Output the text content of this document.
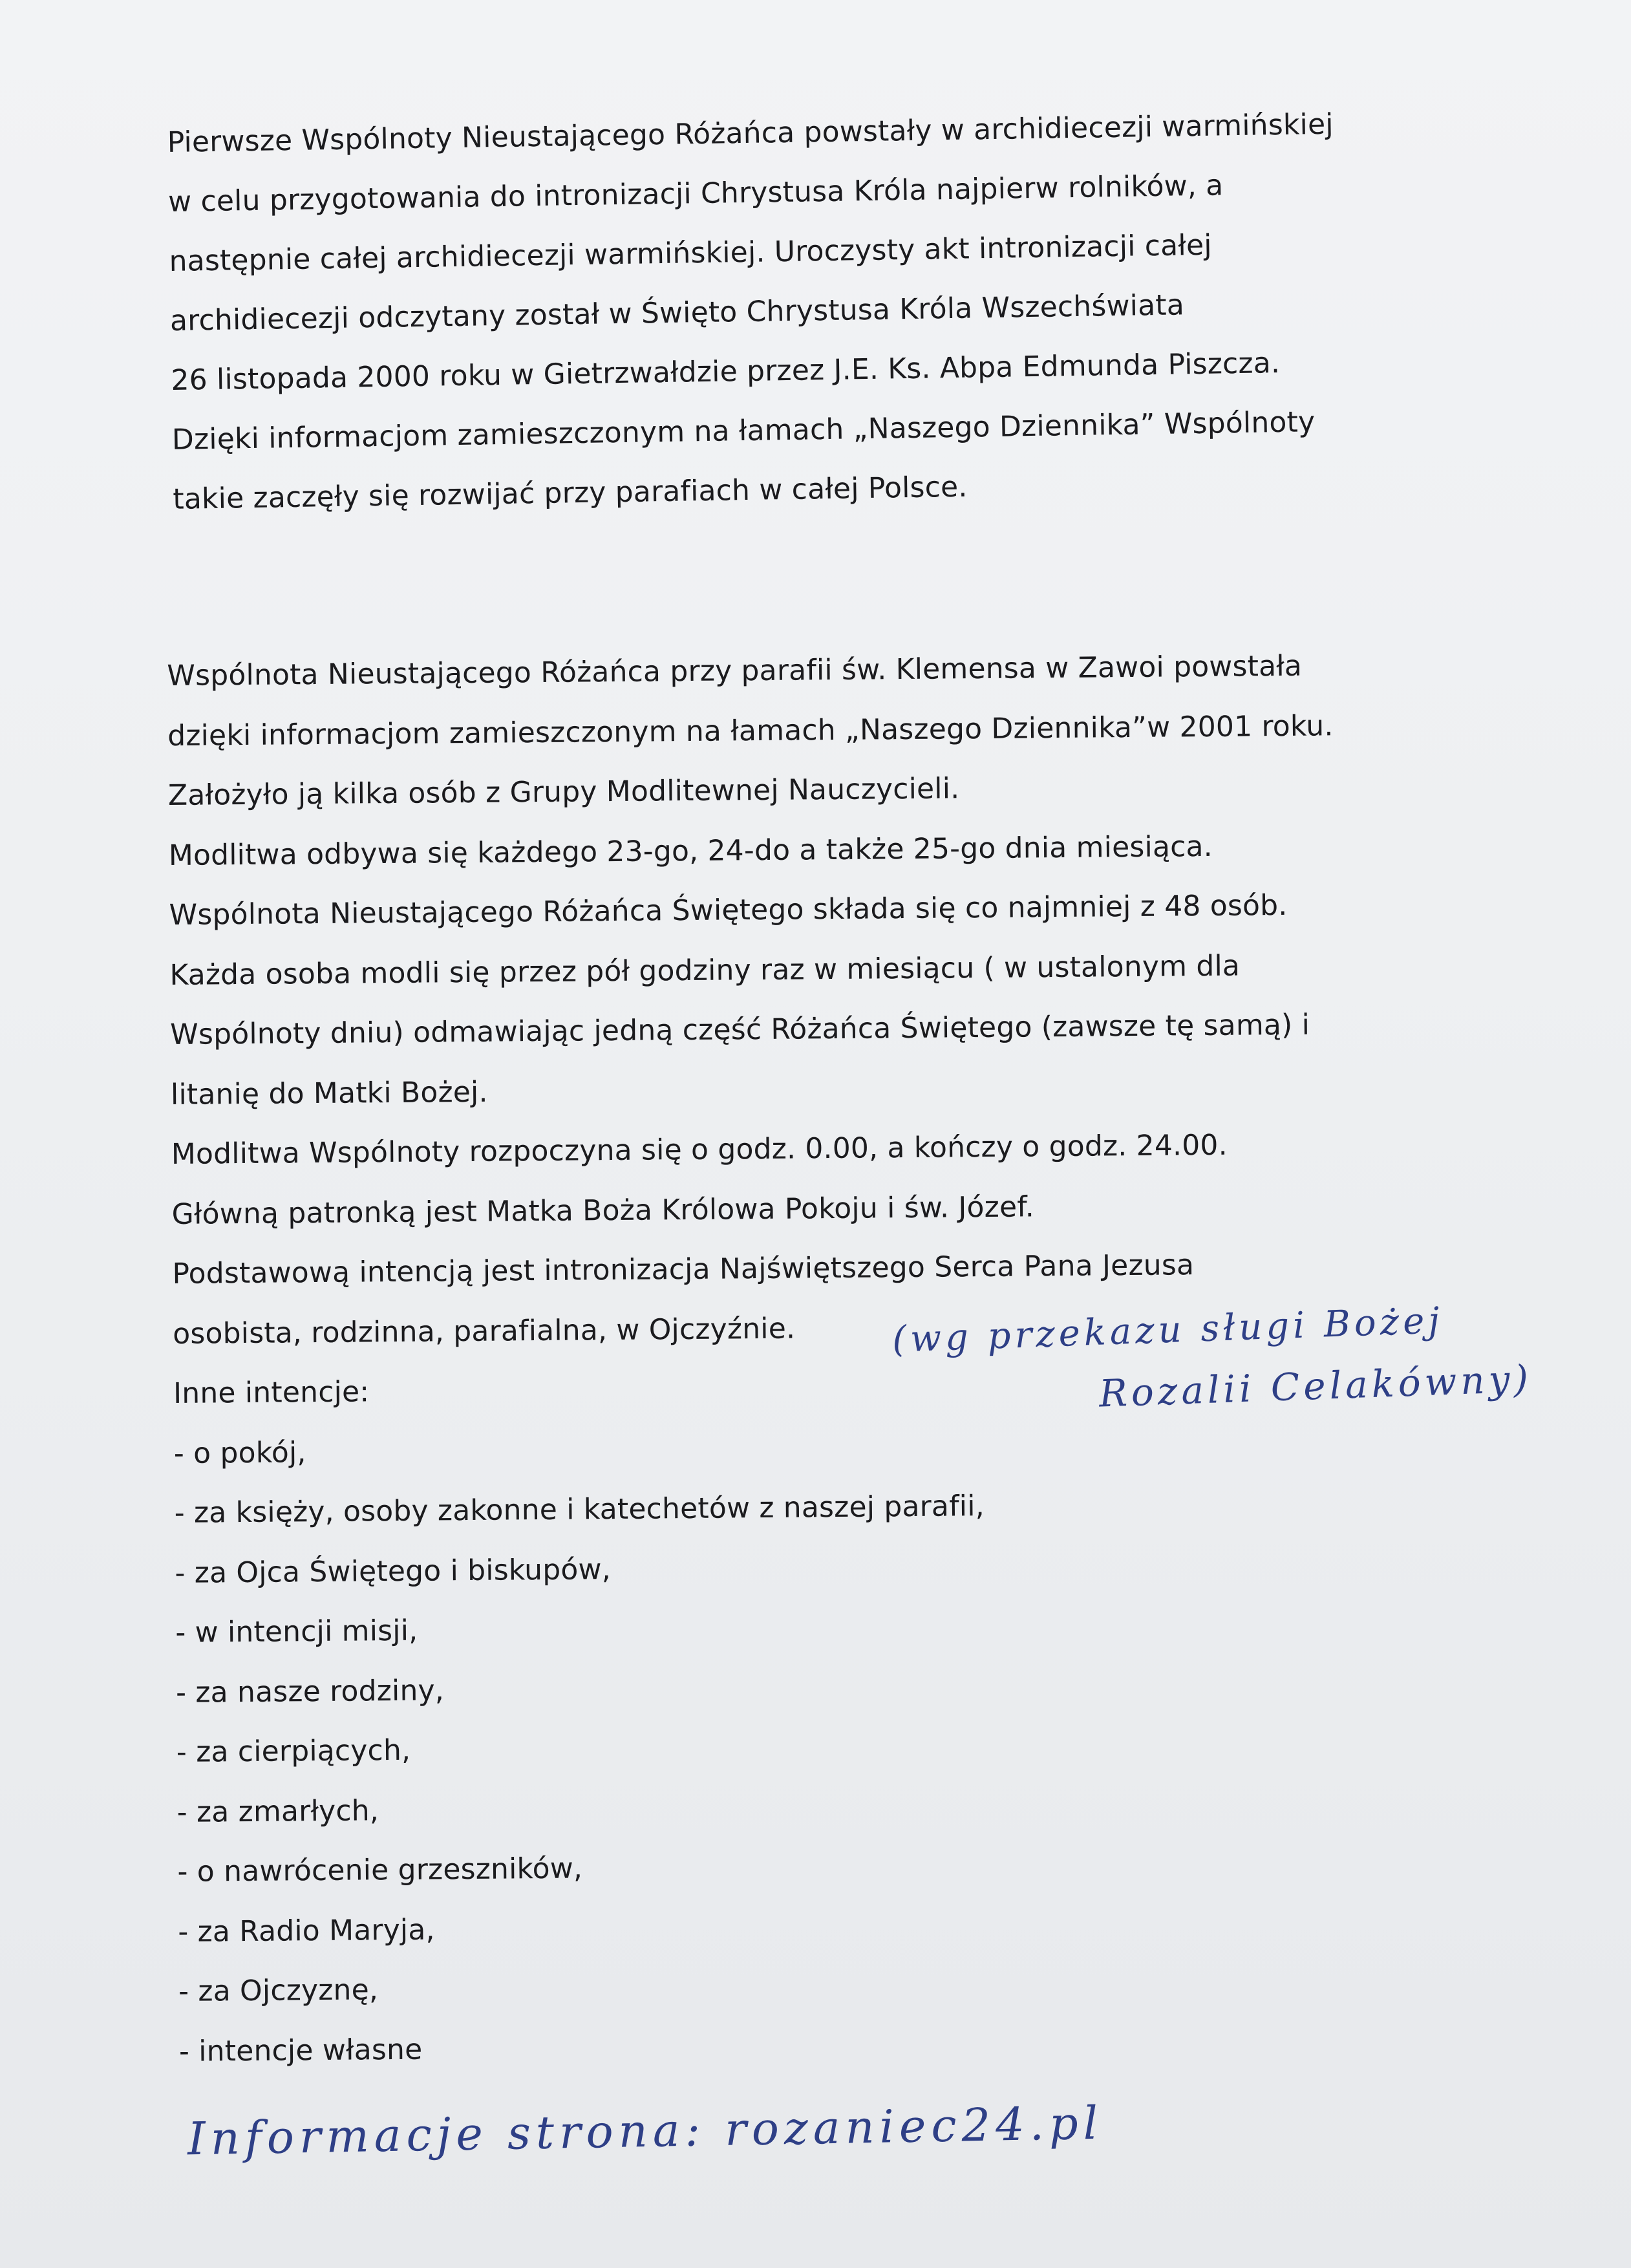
Pierwsze Wspólnoty Nieustającego Różańca powstały w archidiecezji warmińskiej
w celu przygotowania do intronizacji Chrystusa Króla najpierw rolników, a
następnie całej archidiecezji warmińskiej. Uroczysty akt intronizacji całej
archidiecezji odczytany został w Święto Chrystusa Króla Wszechświata
26 listopada 2000 roku w Gietrzwałdzie przez J.E. Ks. Abpa Edmunda Piszcza.
Dzięki informacjom zamieszczonym na łamach „Naszego Dziennika” Wspólnoty
takie zaczęły się rozwijać przy parafiach w całej Polsce.
Wspólnota Nieustającego Różańca przy parafii św. Klemensa w Zawoi powstała
dzięki informacjom zamieszczonym na łamach „Naszego Dziennika”w 2001 roku.
Założyło ją kilka osób z Grupy Modlitewnej Nauczycieli.
Modlitwa odbywa się każdego 23-go, 24-do a także 25-go dnia miesiąca.
Wspólnota Nieustającego Różańca Świętego składa się co najmniej z 48 osób.
Każda osoba modli się przez pół godziny raz w miesiącu ( w ustalonym dla
Wspólnoty dniu) odmawiając jedną część Różańca Świętego (zawsze tę samą) i
litanię do Matki Bożej.
Modlitwa Wspólnoty rozpoczyna się o godz. 0.00, a kończy o godz. 24.00.
Główną patronką jest Matka Boża Królowa Pokoju i św. Józef.
Podstawową intencją jest intronizacja Najświętszego Serca Pana Jezusa
osobista, rodzinna, parafialna, w Ojczyźnie.
Inne intencje:
- o pokój,
- za księży, osoby zakonne i katechetów z naszej parafii,
- za Ojca Świętego i biskupów,
- w intencji misji,
- za nasze rodziny,
- za cierpiących,
- za zmarłych,
- o nawrócenie grzeszników,
- za Radio Maryja,
- za Ojczyznę,
- intencje własne
(wg przekazu sługi Bożej
Rozalii Celakówny)
Informacje strona: rozaniec24.pl
